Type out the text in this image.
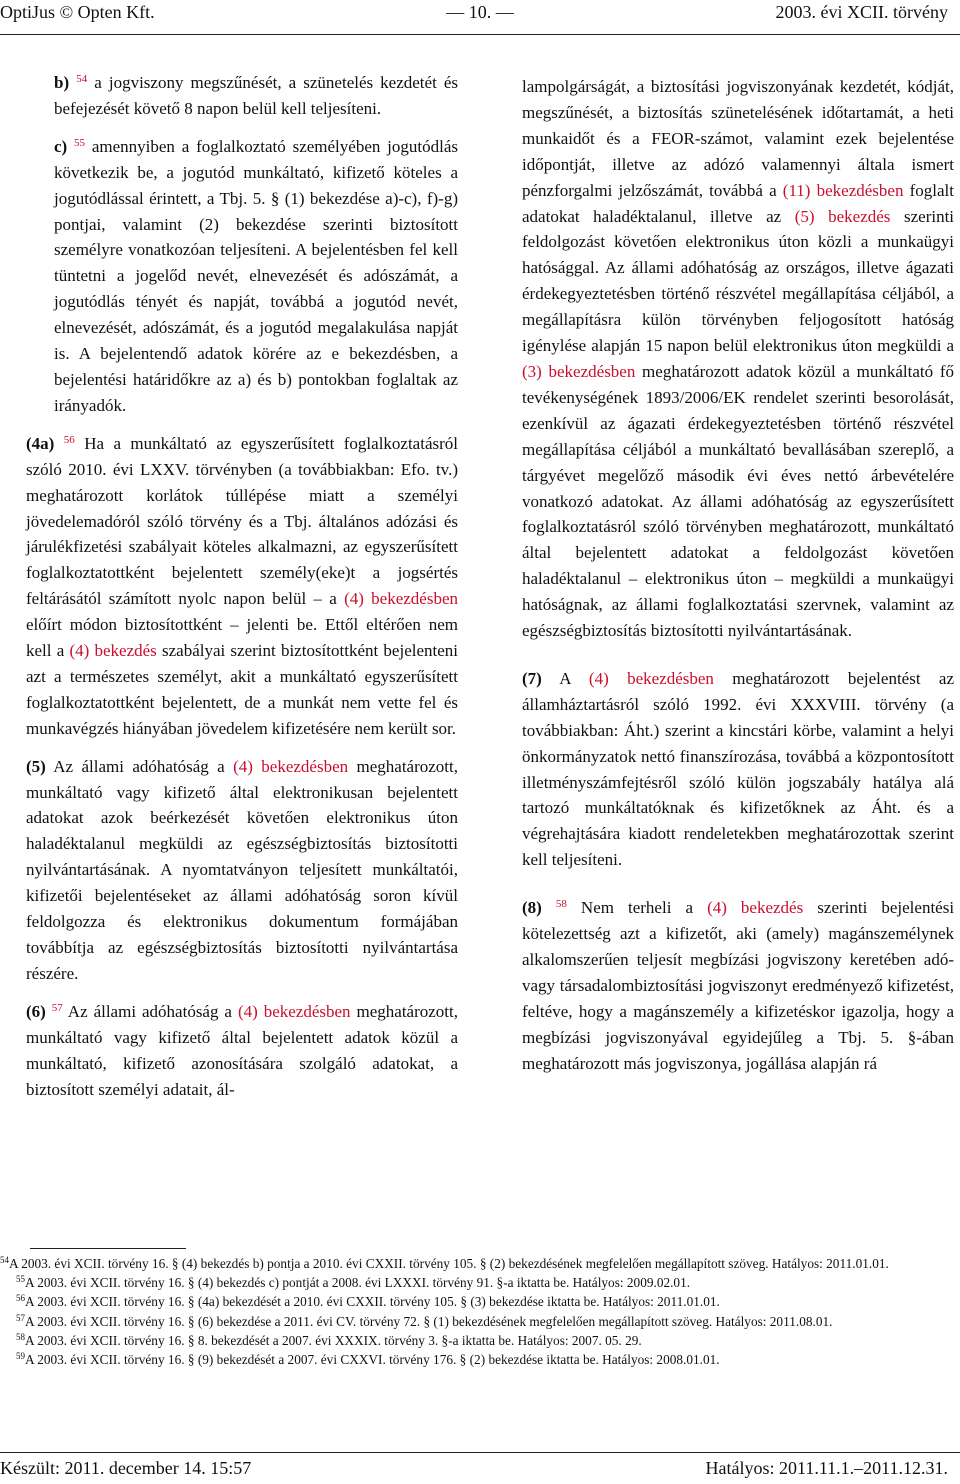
OptiJus © Opten Kft.	— 10. —	2003. évi XCII. törvény

b) $^{54}$ a jogviszony megszűnését, a szünetelés kezdetét és befejezését követő 8 napon belül kell teljesíteni.

c) $^{55}$ amennyiben a foglalkoztató személyében jogutódlás következik be, a jogutód munkáltató, kifizető köteles a jogutódlással érintett, a Tbj. 5. § (1) bekezdése a)-c), f)-g) pontjai, valamint (2) bekezdése szerinti biztosított személyre vonatkozóan teljesíteni. A bejelentésben fel kell tüntetni a jogelőd nevét, elnevezését és adószámát, a jogutódlás tényét és napját, továbbá a jogutód nevét, elnevezését, adószámát, és a jogutód megalakulása napját is. A bejelentendő adatok körére az e bekezdésben, a bejelentési határidőkre az a) és b) pontokban foglaltak az irányadók.

(4a) $^{56}$ Ha a munkáltató az egyszerűsített foglalkoztatásról szóló 2010. évi LXXV. törvényben (a továbbiakban: Efo. tv.) meghatározott korlátok túllépése miatt a személyi jövedelemadóról szóló törvény és a Tbj. általános adózási és járulékfizetési szabályait köteles alkalmazni, az egyszerűsített foglalkoztatottként bejelentett személy(eke)t a jogsértés feltárásától számított nyolc napon belül – a (4) bekezdésben előírt módon biztosítottként – jelenti be. Ettől eltérően nem kell a (4) bekezdés szabályai szerint biztosítottként bejelenteni azt a természetes személyt, akit a munkáltató egyszerűsített foglalkoztatottként bejelentett, de a munkát nem vette fel és munkavégzés hiányában jövedelem kifizetésére nem került sor.

(5) Az állami adóhatóság a (4) bekezdésben meghatározott, munkáltató vagy kifizető által elektronikusan bejelentett adatokat azok beérkezését követően elektronikus úton haladéktalanul megküldi az egészségbiztosítás biztosítotti nyilvántartásának. A nyomtatványon teljesített munkáltatói, kifizetői bejelentéseket az állami adóhatóság soron kívül feldolgozza és elektronikus dokumentum formájában továbbítja az egészségbiztosítás biztosítotti nyilvántartása részére.

(6) $^{57}$ Az állami adóhatóság a (4) bekezdésben meghatározott, munkáltató vagy kifizető által bejelentett adatok közül a munkáltató, kifizető azonosítására szolgáló adatokat, a biztosított személyi adatait, ál-

lampolgárságát, a biztosítási jogviszonyának kezdetét, kódját, megszűnését, a biztosítás szünetelésének időtartamát, a heti munkaidőt és a FEOR-számot, valamint ezek bejelentése időpontját, illetve az adózó valamennyi általa ismert pénzforgalmi jelzőszámát, továbbá a (11) bekezdésben foglalt adatokat haladéktalanul, illetve az (5) bekezdés szerinti feldolgozást követően elektronikus úton közli a munkaügyi hatósággal. Az állami adóhatóság az országos, illetve ágazati érdekegyeztetésben történő részvétel megállapítása céljából, a megállapításra külön törvényben feljogosított hatóság igénylése alapján 15 napon belül elektronikus úton megküldi a (3) bekezdésben meghatározott adatok közül a munkáltató fő tevékenységének 1893/2006/EK rendelet szerinti besorolását, ezenkívül az ágazati érdekegyeztetésben történő részvétel megállapítása céljából a munkáltató bevallásában szereplő, a tárgyévet megelőző második évi éves nettó árbevételére vonatkozó adatokat. Az állami adóhatóság az egyszerűsített foglalkoztatásról szóló törvényben meghatározott, munkáltató által bejelentett adatokat a feldolgozást követően haladéktalanul – elektronikus úton – megküldi a munkaügyi hatóságnak, az állami foglalkoztatási szervnek, valamint az egészségbiztosítás biztosítotti nyilvántartásának.

(7) A (4) bekezdésben meghatározott bejelentést az államháztartásról szóló 1992. évi XXXVIII. törvény (a továbbiakban: Áht.) szerint a kincstári körbe, valamint a helyi önkormányzatok nettó finanszírozása, továbbá a központosított illetményszámfejtésről szóló külön jogszabály hatálya alá tartozó munkáltatóknak és kifizetőknek az Áht. és a végrehajtására kiadott rendeletekben meghatározottak szerint kell teljesíteni.

(8) $^{58}$ Nem terheli a (4) bekezdés szerinti bejelentési kötelezettség azt a kifizetőt, aki (amely) magánszemélynek alkalomszerűen teljesít megbízási jogviszony keretében adó- vagy társadalombiztosítási jogviszonyt eredményező kifizetést, feltéve, hogy a magánszemély a kifizetéskor igazolja, hogy a megbízási jogviszonyával egyidejűleg a Tbj. 5. §-ában meghatározott más jogviszonya, jogállása alapján rá

$^{54}$A 2003. évi XCII. törvény 16. § (4) bekezdés b) pontja a 2010. évi CXXII. törvény 105. § (2) bekezdésének megfelelően megállapított szöveg. Hatályos: 2011.01.01.

$^{55}$A 2003. évi XCII. törvény 16. § (4) bekezdés c) pontját a 2008. évi LXXXI. törvény 91. §-a iktatta be. Hatályos: 2009.02.01.

$^{56}$A 2003. évi XCII. törvény 16. § (4a) bekezdését a 2010. évi CXXII. törvény 105. § (3) bekezdése iktatta be. Hatályos: 2011.01.01.

$^{57}$A 2003. évi XCII. törvény 16. § (6) bekezdése a 2011. évi CV. törvény 72. § (1) bekezdésének megfelelően megállapított szöveg. Hatályos: 2011.08.01.

$^{58}$A 2003. évi XCII. törvény 16. § 8. bekezdését a 2007. évi XXXIX. törvény 3. §-a iktatta be. Hatályos: 2007. 05. 29.

$^{59}$A 2003. évi XCII. törvény 16. § (9) bekezdését a 2007. évi CXXVI. törvény 176. § (2) bekezdése iktatta be. Hatályos: 2008.01.01.

Készült: 2011. december 14. 15:57	Hatályos: 2011.11.1.–2011.12.31.
